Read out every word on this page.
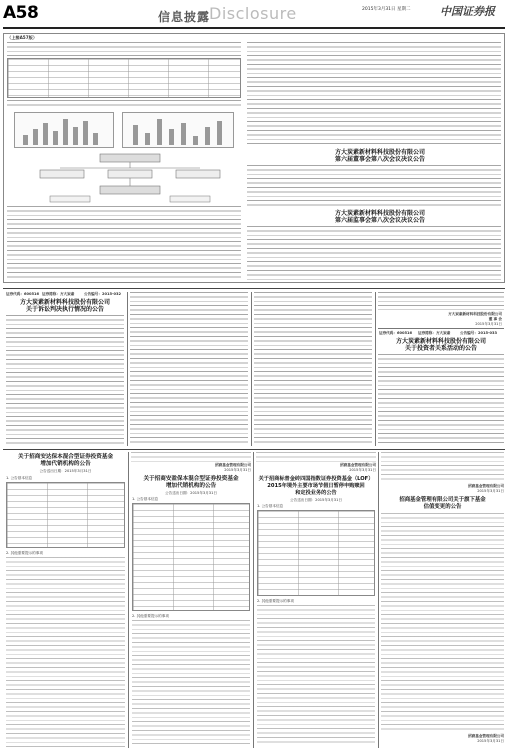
A58	信息披露
Disclosure	2015年3月31日 星期二	中国证券报
（上接A57版）
方大炭素新材料科技股份有限公司
第六届董事会第八次会议决议公告
方大炭素新材料科技股份有限公司
第六届监事会第八次会议决议公告
证券代码：600516 证券简称：方大炭素	公告编号：2015-032
方大炭素新材料科技股份有限公司
关于诉讼判决执行情况的公告
方大炭素新材料科技股份有限公司
董 事 会
2015年3月31日
证券代码：600516 证券简称：方大炭素	公告编号：2015-033
方大炭素新材料科技股份有限公司
关于投资者关系活动的公告
关于招商安达保本混合型证券投资基金
增加代销机构的公告
公告送出日期：2015年3月31日
1. 公告基本信息
2. 其他需要提示的事项
招商基金管理有限公司
2015年3月31日
关于招商安盈保本混合型证券投资基金
增加代销机构的公告
公告送出日期：2015年3月31日
1. 公告基本信息
2. 其他需要提示的事项
招商基金管理有限公司
2015年3月31日
关于招商标普金砖四国指数证券投资基金（LOF）
2015年境外主要市场节假日暂停申购赎回
和定投业务的公告
公告送出日期：2015年3月31日
1. 公告基本信息
2. 其他需要提示的事项
招商基金管理有限公司
2015年3月31日
招商基金管理有限公司关于旗下基金
估值变更的公告
招商基金管理有限公司
2015年3月31日
